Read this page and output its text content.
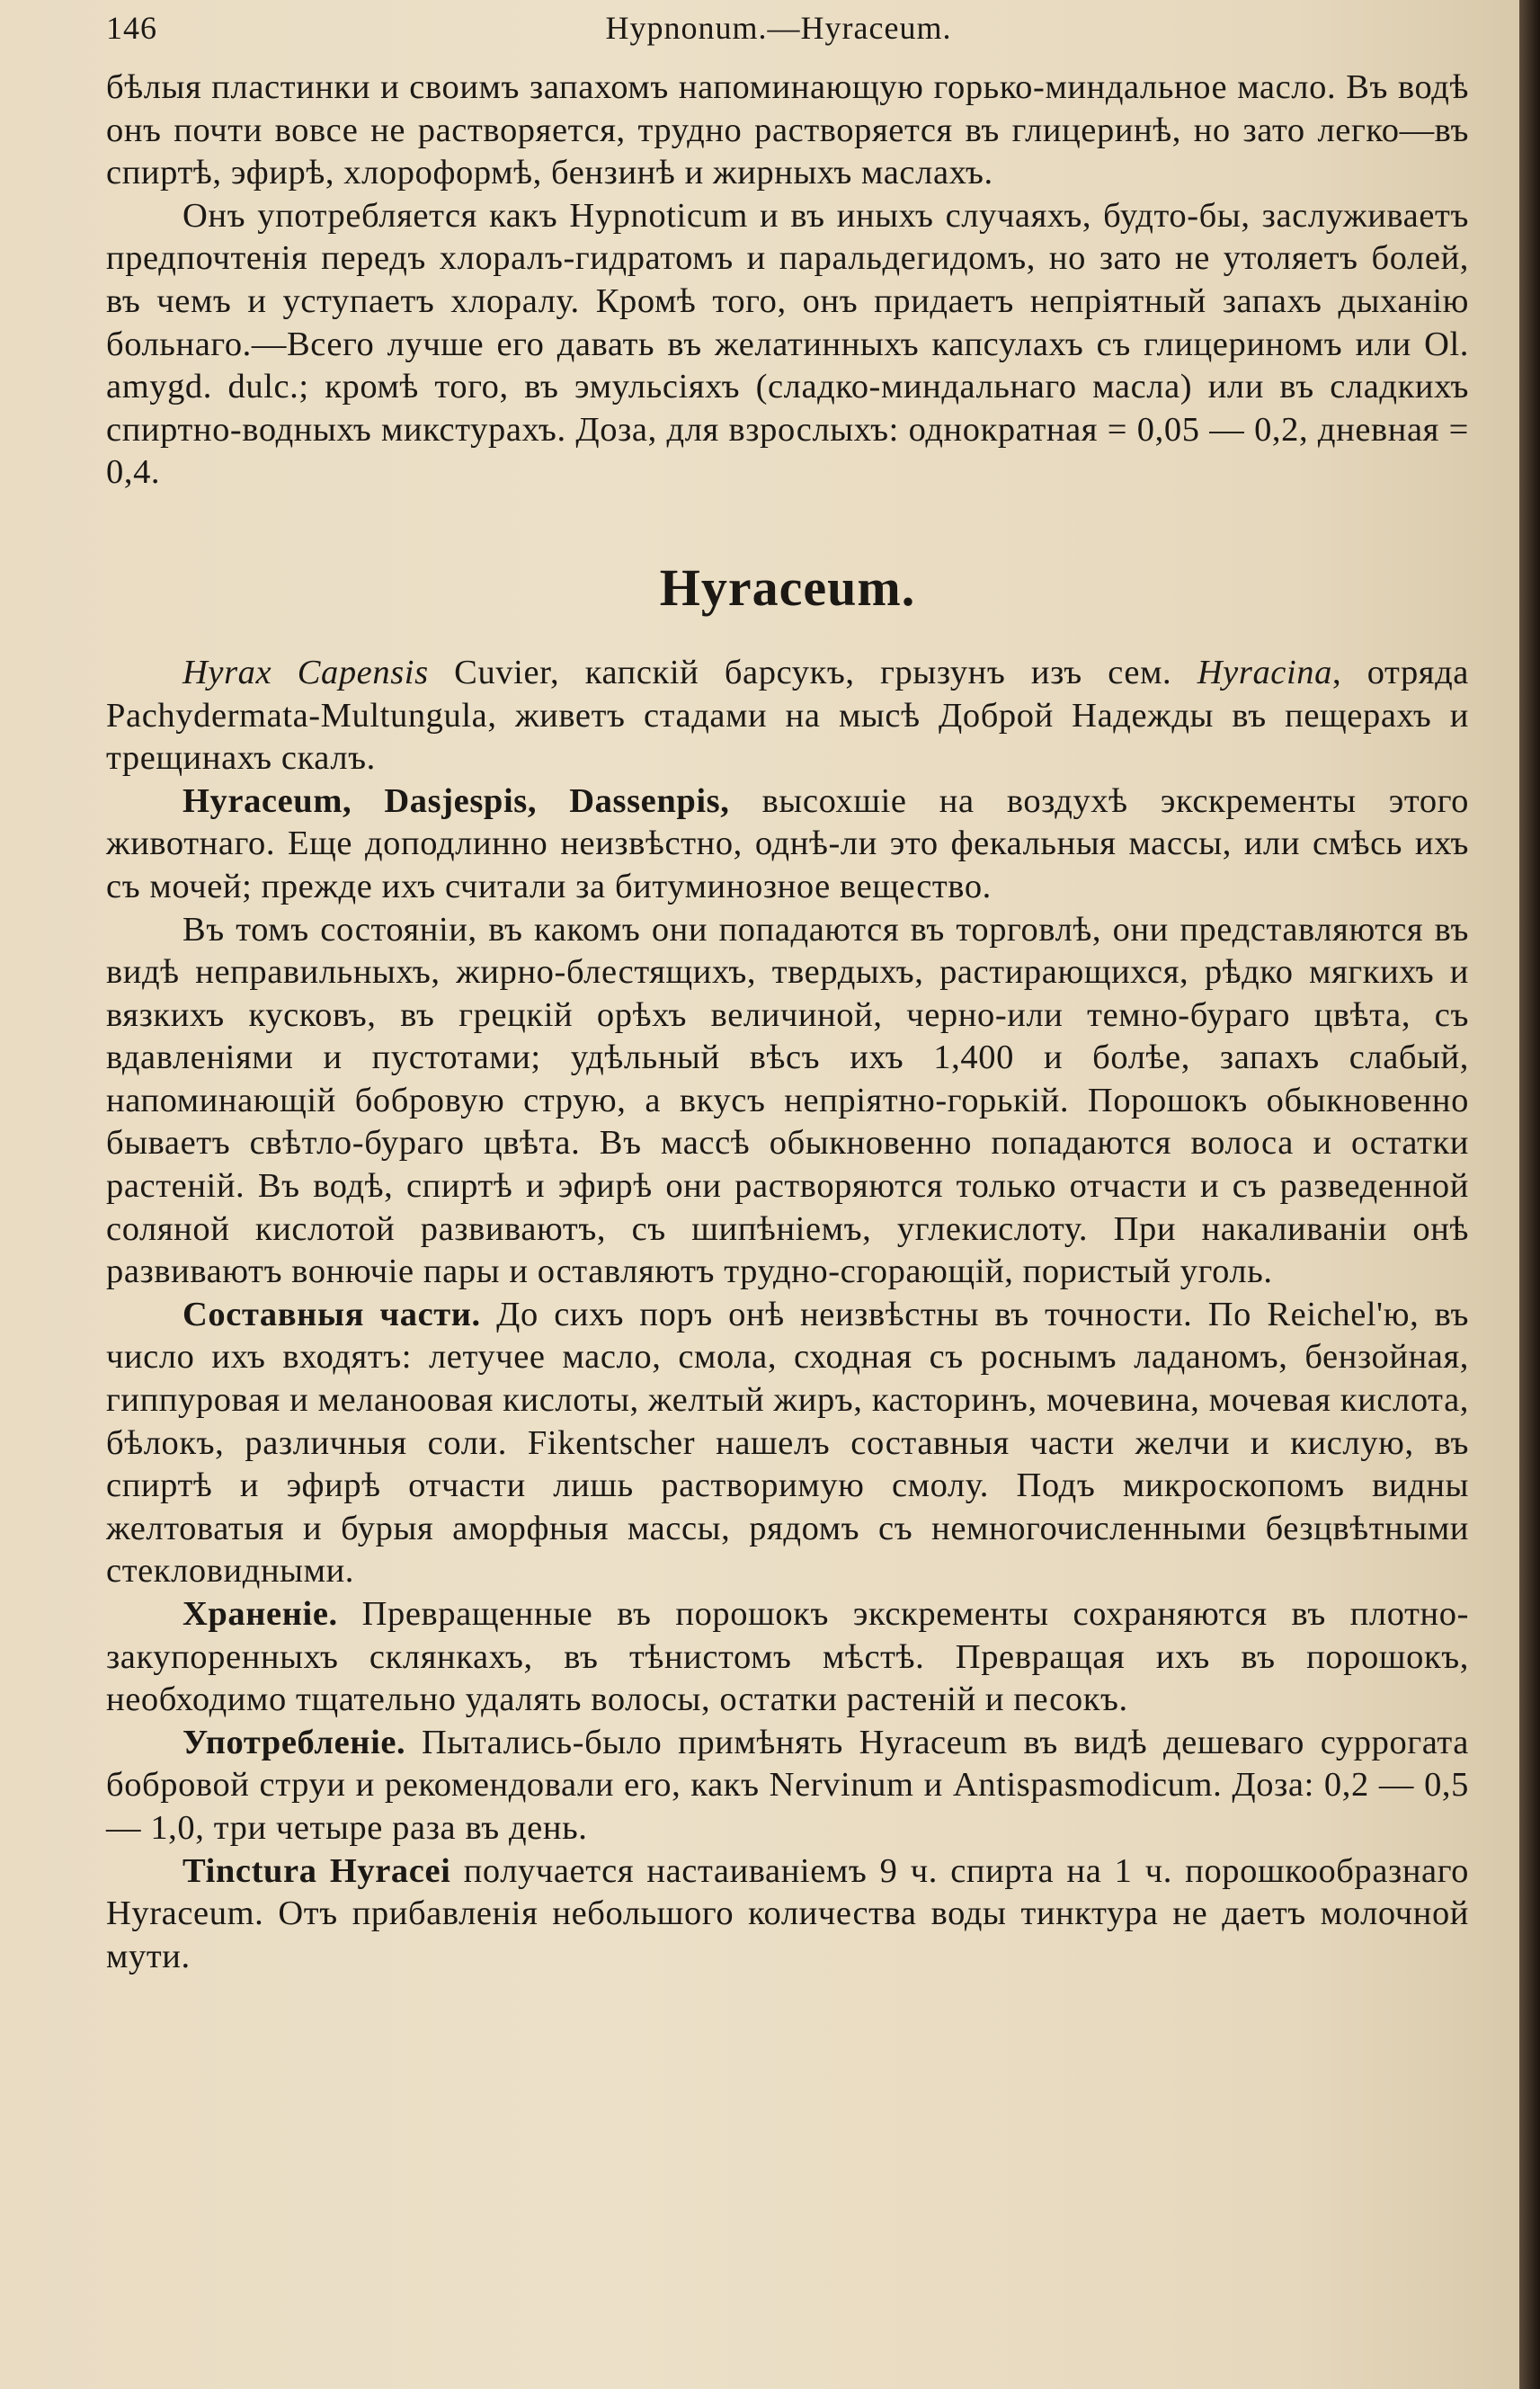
146	Hypnonum.—Hyraceum.

бѣлыя пластинки и своимъ запахомъ напоминающую горько-миндальное масло. Въ водѣ онъ почти вовсе не растворяется, трудно растворяется въ глицеринѣ, но зато легко—въ спиртѣ, эфирѣ, хлороформѣ, бензинѣ и жирныхъ маслахъ.

Онъ употребляется какъ Hypnoticum и въ иныхъ случаяхъ, будто-бы, заслуживаетъ предпочтенія передъ хлоралъ-гидратомъ и паральдегидомъ, но зато не утоляетъ болей, въ чемъ и уступаетъ хлоралу. Кромѣ того, онъ придаетъ непріятный запахъ дыханію больнаго.—Всего лучше его давать въ желатинныхъ капсулахъ съ глицериномъ или Ol. amygd. dulc.; кромѣ того, въ эмульсіяхъ (сладко-миндальнаго масла) или въ сладкихъ спиртно-водныхъ микстурахъ. Доза, для взрослыхъ: однократная = 0,05 — 0,2, дневная = 0,4.

Hyraceum.

Hyrax Capensis Cuvier, капскій барсукъ, грызунъ изъ сем. Hyracina, отряда Pachydermata-Multungula, живетъ стадами на мысѣ Доброй Надежды въ пещерахъ и трещинахъ скалъ.

Hyraceum, Dasjespis, Dassenpis, высохшіе на воздухѣ экскременты этого животнаго. Еще доподлинно неизвѣстно, однѣ-ли это фекальныя массы, или смѣсь ихъ съ мочей; прежде ихъ считали за битуминозное вещество.

Въ томъ состояніи, въ какомъ они попадаются въ торговлѣ, они представляются въ видѣ неправильныхъ, жирно-блестящихъ, твердыхъ, растирающихся, рѣдко мягкихъ и вязкихъ кусковъ, въ грецкій орѣхъ величиной, черно-или темно-бураго цвѣта, съ вдавленіями и пустотами; удѣльный вѣсъ ихъ 1,400 и болѣе, запахъ слабый, напоминающій бобровую струю, а вкусъ непріятно-горькій. Порошокъ обыкновенно бываетъ свѣтло-бураго цвѣта. Въ массѣ обыкновенно попадаются волоса и остатки растеній. Въ водѣ, спиртѣ и эфирѣ они растворяются только отчасти и съ разведенной соляной кислотой развиваютъ, съ шипѣніемъ, углекислоту. При накаливаніи онѣ развиваютъ вонючіе пары и оставляютъ трудно-сгорающій, пористый уголь.

Составныя части. До сихъ поръ онѣ неизвѣстны въ точности. По Reichel'ю, въ число ихъ входятъ: летучее масло, смола, сходная съ роснымъ ладаномъ, бензойная, гиппуровая и меланоовая кислоты, желтый жиръ, касторинъ, мочевина, мочевая кислота, бѣлокъ, различныя соли. Fikentscher нашелъ составныя части желчи и кислую, въ спиртѣ и эфирѣ отчасти лишь растворимую смолу. Подъ микроскопомъ видны желтоватыя и бурыя аморфныя массы, рядомъ съ немногочисленными безцвѣтными стекловидными.

Храненіе. Превращенные въ порошокъ экскременты сохраняются въ плотно-закупоренныхъ склянкахъ, въ тѣнистомъ мѣстѣ. Превращая ихъ въ порошокъ, необходимо тщательно удалять волосы, остатки растеній и песокъ.

Употребленіе. Пытались-было примѣнять Hyraceum въ видѣ дешеваго суррогата бобровой струи и рекомендовали его, какъ Nervinum и Antispasmodicum. Доза: 0,2 — 0,5 — 1,0, три четыре раза въ день.

Tinctura Hyracei получается настаиваніемъ 9 ч. спирта на 1 ч. порошкообразнаго Hyraceum. Отъ прибавленія небольшого количества воды тинктура не даетъ молочной мути.
